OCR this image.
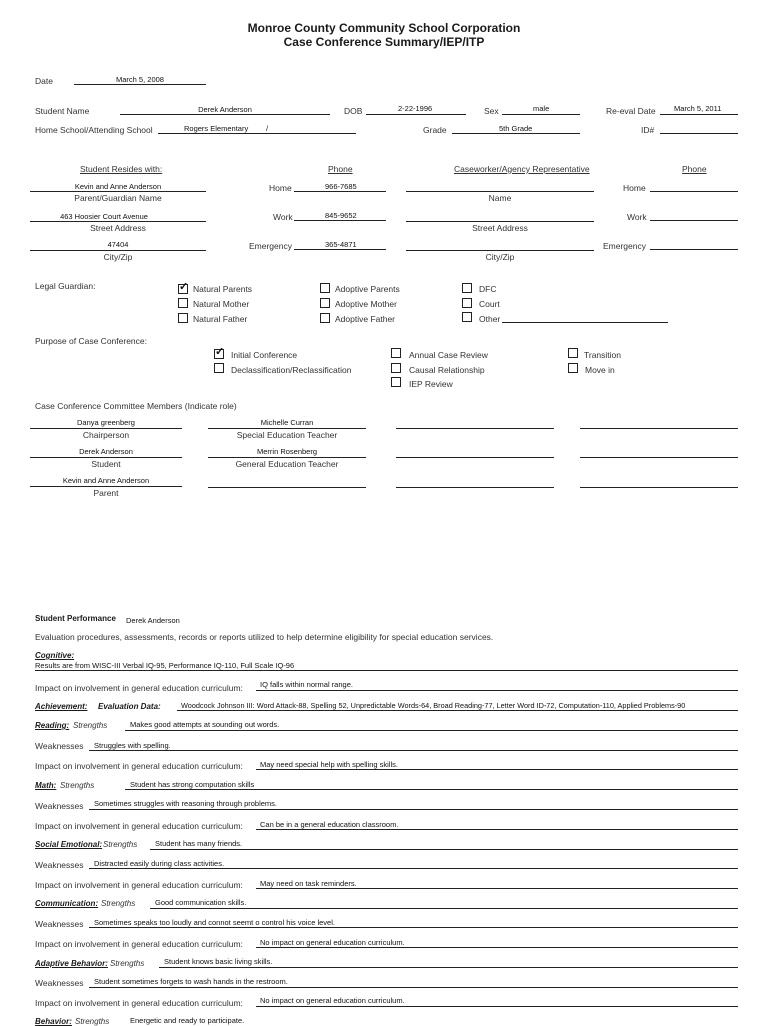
Monroe County Community School Corporation
Case Conference Summary/IEP/ITP
Date	March 5, 2008
Student Name	Derek Anderson	DOB	2-22-1996	Sex	male	Re-eval Date March 5, 2011
Home School/Attending School	Rogers Elementary /	Grade	5th Grade	ID#
Student Resides with:	Phone	Caseworker/Agency Representative	Phone
Kevin and Anne Anderson
Parent/Guardian Name
Home	966-7685
Name
Home
463 Hoosier Court Avenue
Street Address
Work	845-9652
Street Address
Work
47404
City/Zip
Emergency	365-4871
City/Zip
Emergency
Legal Guardian:
✓	Natural Parents
Natural Mother
Natural Father
Adoptive Parents
Adoptive Mother
Adoptive Father
DFC
Court
Other
Purpose of Case Conference:
✓
Initial Conference
Declassification/Reclassification
Annual Case Review
Causal Relationship
IEP Review
Transition
Move in
Case Conference Committee Members (Indicate role)
Danya greenberg
Chairperson
Michelle Curran
Special Education Teacher
Derek Anderson
Student
Merrin Rosenberg
General Education Teacher
Kevin and Anne Anderson
Parent
Student Performance Derek Anderson
Evaluation procedures, assessments, records or reports utilized to help determine eligibility for special education services.
Cognitive:
Results are from WISC-III Verbal IQ-95, Performance IQ-110, Full Scale IQ-96
Impact on involvement in general education curriculum: IQ falls within normal range.
Achievement: Evaluation Data:	Woodcock Johnson III: Word Attack-88, Spelling 52, Unpredictable Words-64, Broad Reading-77, Letter Word ID-72, Computation-110, Applied Problems-90
Reading: Strengths	Makes good attempts at sounding out words.
Weaknesses Struggles with spelling.
Impact on involvement in general education curriculum: May need special help with spelling skills.
Math: Strengths	Student has strong computation skills
Weaknesses Sometimes struggles with reasoning through problems.
Impact on involvement in general education curriculum: Can be in a general education classroom.
Social Emotional: Strengths Student has many friends.
Weaknesses Distracted easily during class activities.
Impact on involvement in general education curriculum: May need on task reminders.
Communication: Strengths	Good communication skills.
Weaknesses Sometimes speaks too loudly and connot seemt o control his voice level.
Impact on involvement in general education curriculum: No impact on general education curriculum.
Adaptive Behavior: Strengths	Student knows basic living skills.
Weaknesses Student sometimes forgets to wash hands in the restroom.
Impact on involvement in general education curriculum: No impact on general education curriculum.
Behavior: Strengths	Energetic and ready to participate.
